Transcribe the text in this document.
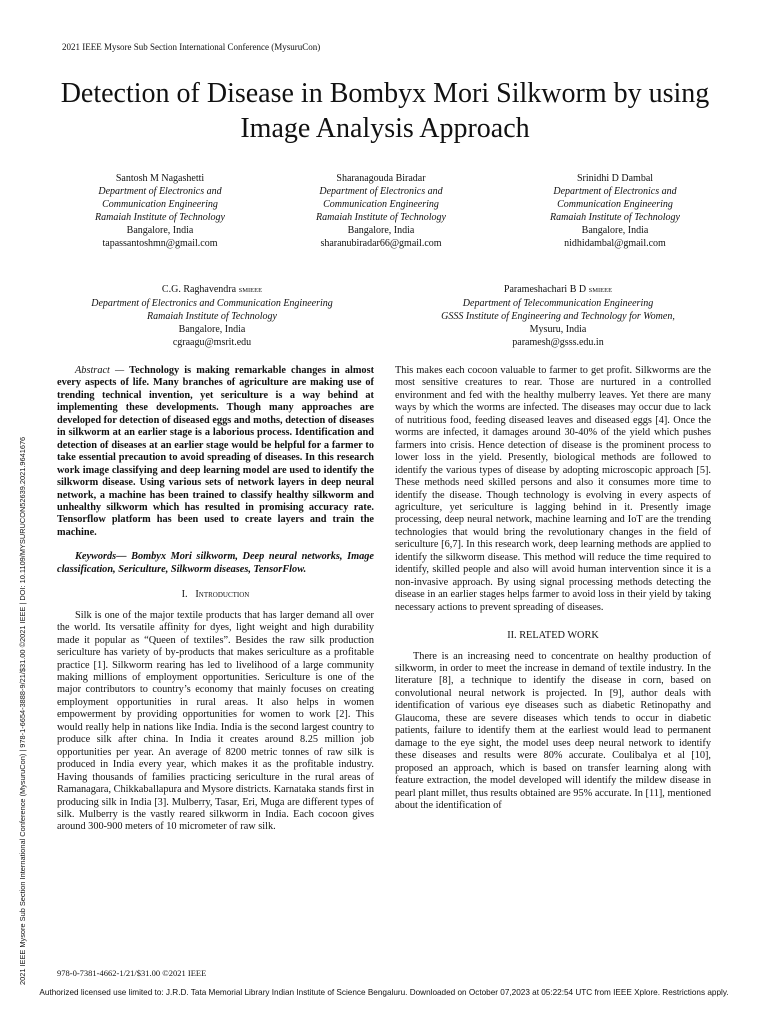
2021 IEEE Mysore Sub Section International Conference (MysuruCon)
Detection of Disease in Bombyx Mori Silkworm by using Image Analysis Approach
Santosh M Nagashetti
Department of Electronics and
Communication Engineering
Ramaiah Institute of Technology
Bangalore, India
tapassantoshmn@gmail.com
Sharanagouda Biradar
Department of Electronics and
Communication Engineering
Ramaiah Institute of Technology
Bangalore, India
sharanubiradar66@gmail.com
Srinidhi D Dambal
Department of Electronics and
Communication Engineering
Ramaiah Institute of Technology
Bangalore, India
nidhidambal@gmail.com
C.G. Raghavendra SMIEEE
Department of Electronics and Communication Engineering
Ramaiah Institute of Technology
Bangalore, India
cgraagu@msrit.edu
Parameshachari B D SMIEEE
Department of Telecommunication Engineering
GSSS Institute of Engineering and Technology for Women,
Mysuru, India
paramesh@gsss.edu.in
2021 IEEE Mysore Sub Section International Conference (MysuruCon) | 978-1-6654-3888-9/21/$31.00 ©2021 IEEE | DOI: 10.1109/MYSURUCON52639.2021.9641676

Abstract — Technology is making remarkable changes in almost every aspects of life. Many branches of agriculture are making use of trending technical invention, yet sericulture is a way behind at implementing these developments. Though many approaches are developed for detection of diseased eggs and moths, detection of diseases in silkworm at an earlier stage is a laborious process. Identification and detection of diseases at an earlier stage would be helpful for a farmer to take essential precaution to avoid spreading of diseases. In this research work image classifying and deep learning model are used to identify the silkworm disease. Using various sets of network layers in deep neural network, a machine has been trained to classify healthy silkworm and unhealthy silkworm which has resulted in promising accuracy rate. Tensorflow platform has been used to create layers and train the machine.

Keywords— Bombyx Mori silkworm, Deep neural networks, Image classification, Sericulture, Silkworm diseases, TensorFlow.

I. Introduction

Silk is one of the major textile products that has larger demand all over the world. Its versatile affinity for dyes, light weight and high durability made it popular as “Queen of textiles”. Besides the raw silk production sericulture has variety of by-products that makes sericulture as a profitable practice [1]. Silkworm rearing has led to livelihood of a large community making millions of employment opportunities. Sericulture is one of the major contributors to country’s economy that mainly focuses on creating employment opportunities in rural areas. It also helps in women empowerment by providing opportunities for women to work [2]. This would really help in nations like India. India is the second largest country to produce silk after china. In India it creates around 8.25 million job opportunities per year. An average of 8200 metric tonnes of raw silk is produced in India every year, which makes it as the profitable industry. Having thousands of families practicing sericulture in the rural areas of Ramanagara, Chikkaballapura and Mysore districts. Karnataka stands first in producing silk in India [3]. Mulberry, Tasar, Eri, Muga are different types of silk. Mulberry is the vastly reared silkworm in India. Each cocoon gives around 300-900 meters of 10 micrometer of raw silk.

This makes each cocoon valuable to farmer to get profit. Silkworms are the most sensitive creatures to rear. Those are nurtured in a controlled environment and fed with the healthy mulberry leaves. Yet there are many ways by which the worms are infected. The diseases may occur due to lack of nutritious food, feeding diseased leaves and diseased eggs [4]. Once the worms are infected, it damages around 30-40% of the yield which pushes farmers into crisis. Hence detection of disease is the prominent process to lower loss in the yield. Presently, biological methods are followed to identify the various types of disease by adopting microscopic approach [5]. These methods need skilled persons and also it consumes more time to identify the disease. Though technology is evolving in every aspects of agriculture, yet sericulture is lagging behind in it. Presently image processing, deep neural network, machine learning and IoT are the trending technologies that would bring the revolutionary changes in the field of sericulture [6,7]. In this research work, deep learning methods are applied to identify the silkworm disease. This method will reduce the time required to identify, skilled people and also will avoid human intervention since it is a non-invasive approach. By using signal processing methods detecting the disease in an earlier stages helps farmer to avoid loss in their yield by taking necessary actions to prevent spreading of diseases.

II. RELATED WORK

There is an increasing need to concentrate on healthy production of silkworm, in order to meet the increase in demand of textile industry. In the literature [8], a technique to identify the disease in corn, based on convolutional neural network is projected. In [9], author deals with identification of various eye diseases such as diabetic Retinopathy and Glaucoma, these are severe diseases which tends to occur in diabetic patients, failure to identify them at the earliest would lead to permanent damage to the eye sight, the model uses deep neural network to identify these diseases and results were 80% accurate. Coulibalya et al [10], proposed an approach, which is based on transfer learning along with feature extraction, the model developed will identify the mildew disease in pearl plant millet, thus results obtained are 95% accurate. In [11], mentioned about the identification of

978-0-7381-4662-1/21/$31.00 ©2021 IEEE
Authorized licensed use limited to: J.R.D. Tata Memorial Library Indian Institute of Science Bengaluru. Downloaded on October 07,2023 at 05:22:54 UTC from IEEE Xplore. Restrictions apply.
